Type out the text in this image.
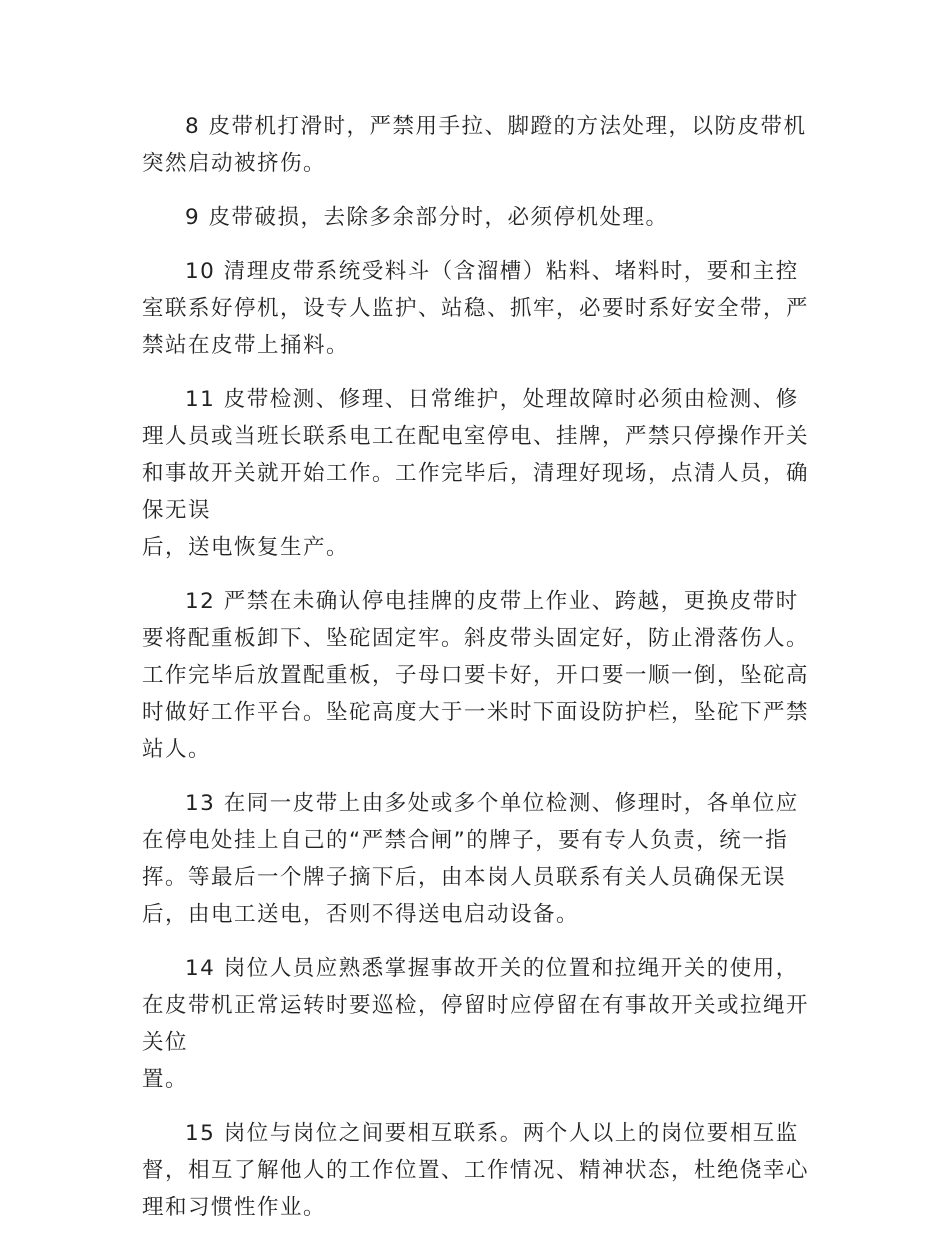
8 皮带机打滑时，严禁用手拉、脚蹬的方法处理，以防皮带机突然启动被挤伤。

9 皮带破损，去除多余部分时，必须停机处理。

10 清理皮带系统受料斗（含溜槽）粘料、堵料时，要和主控室联系好停机，设专人监护、站稳、抓牢，必要时系好安全带，严禁站在皮带上捅料。

11 皮带检测、修理、日常维护，处理故障时必须由检测、修理人员或当班长联系电工在配电室停电、挂牌，严禁只停操作开关和事故开关就开始工作。工作完毕后，清理好现场，点清人员，确保无误
后，送电恢复生产。

12 严禁在未确认停电挂牌的皮带上作业、跨越，更换皮带时要将配重板卸下、坠砣固定牢。斜皮带头固定好，防止滑落伤人。工作完毕后放置配重板，子母口要卡好，开口要一顺一倒，坠砣高时做好工作平台。坠砣高度大于一米时下面设防护栏，坠砣下严禁站人。

13 在同一皮带上由多处或多个单位检测、修理时，各单位应在停电处挂上自己的“严禁合闸”的牌子，要有专人负责，统一指挥。等最后一个牌子摘下后，由本岗人员联系有关人员确保无误后，由电工送电，否则不得送电启动设备。

14 岗位人员应熟悉掌握事故开关的位置和拉绳开关的使用，在皮带机正常运转时要巡检，停留时应停留在有事故开关或拉绳开关位
置。

15 岗位与岗位之间要相互联系。两个人以上的岗位要相互监督，相互了解他人的工作位置、工作情况、精神状态，杜绝侥幸心理和习惯性作业。
